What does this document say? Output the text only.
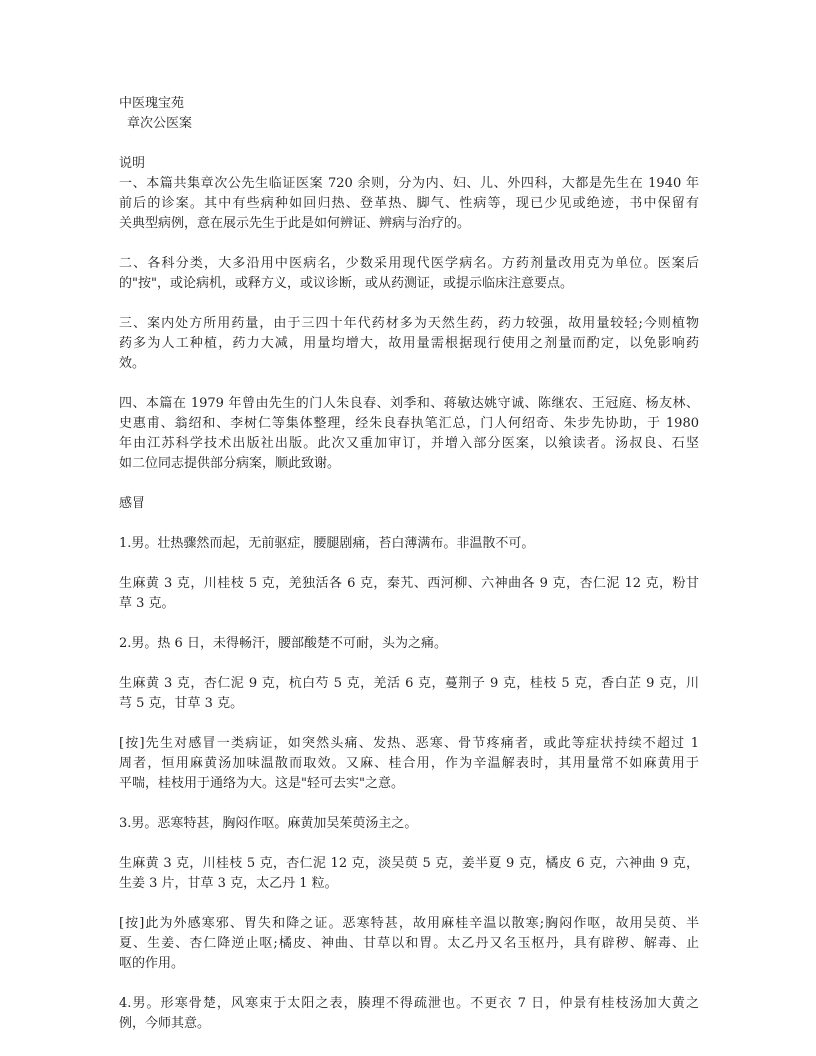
中医瑰宝苑
章次公医案
说明
一、本篇共集章次公先生临证医案 720 余则，分为内、妇、儿、外四科，大都是先生在 1940 年
前后的诊案。其中有些病种如回归热、登革热、脚气、性病等，现已少见或绝迹，书中保留有
关典型病例，意在展示先生于此是如何辨证、辨病与治疗的。
二、各科分类，大多沿用中医病名，少数采用现代医学病名。方药剂量改用克为单位。医案后
的"按"，或论病机，或释方义，或议诊断，或从药测证，或提示临床注意要点。
三、案内处方所用药量，由于三四十年代药材多为天然生药，药力较强，故用量较轻;今则植物
药多为人工种植，药力大减，用量均增大，故用量需根据现行使用之剂量而酌定，以免影响药
效。
四、本篇在 1979 年曾由先生的门人朱良春、刘季和、蒋敏达姚守诚、陈继农、王冠庭、杨友林、
史惠甫、翁绍和、李树仁等集体整理，经朱良春执笔汇总，门人何绍奇、朱步先协助，于 1980
年由江苏科学技术出版社出版。此次又重加审订，并增入部分医案，以飨读者。汤叔良、石坚
如二位同志提供部分病案，顺此致谢。
感冒
1.男。壮热骤然而起，无前驱症，腰腿剧痛，苔白薄满布。非温散不可。
生麻黄 3 克，川桂枝 5 克，羌独活各 6 克，秦艽、西河柳、六神曲各 9 克，杏仁泥 12 克，粉甘
草 3 克。
2.男。热 6 日，未得畅汗，腰部酸楚不可耐，头为之痛。
生麻黄 3 克，杏仁泥 9 克，杭白芍 5 克，羌活 6 克，蔓荆子 9 克，桂枝 5 克，香白芷 9 克，川
芎 5 克，甘草 3 克。
[按]先生对感冒一类病证，如突然头痛、发热、恶寒、骨节疼痛者，或此等症状持续不超过 1
周者，恒用麻黄汤加味温散而取效。又麻、桂合用，作为辛温解表时，其用量常不如麻黄用于
平喘，桂枝用于通络为大。这是"轻可去实"之意。
3.男。恶寒特甚，胸闷作呕。麻黄加吴茱萸汤主之。
生麻黄 3 克，川桂枝 5 克，杏仁泥 12 克，淡吴萸 5 克，姜半夏 9 克，橘皮 6 克，六神曲 9 克，
生姜 3 片，甘草 3 克，太乙丹 1 粒。
[按]此为外感寒邪、胃失和降之证。恶寒特甚，故用麻桂辛温以散寒;胸闷作呕，故用吴萸、半
夏、生姜、杏仁降逆止呕;橘皮、神曲、甘草以和胃。太乙丹又名玉枢丹，具有辟秽、解毒、止
呕的作用。
4.男。形寒骨楚，风寒束于太阳之表，腠理不得疏泄也。不更衣 7 日，仲景有桂枝汤加大黄之
例，今师其意。
